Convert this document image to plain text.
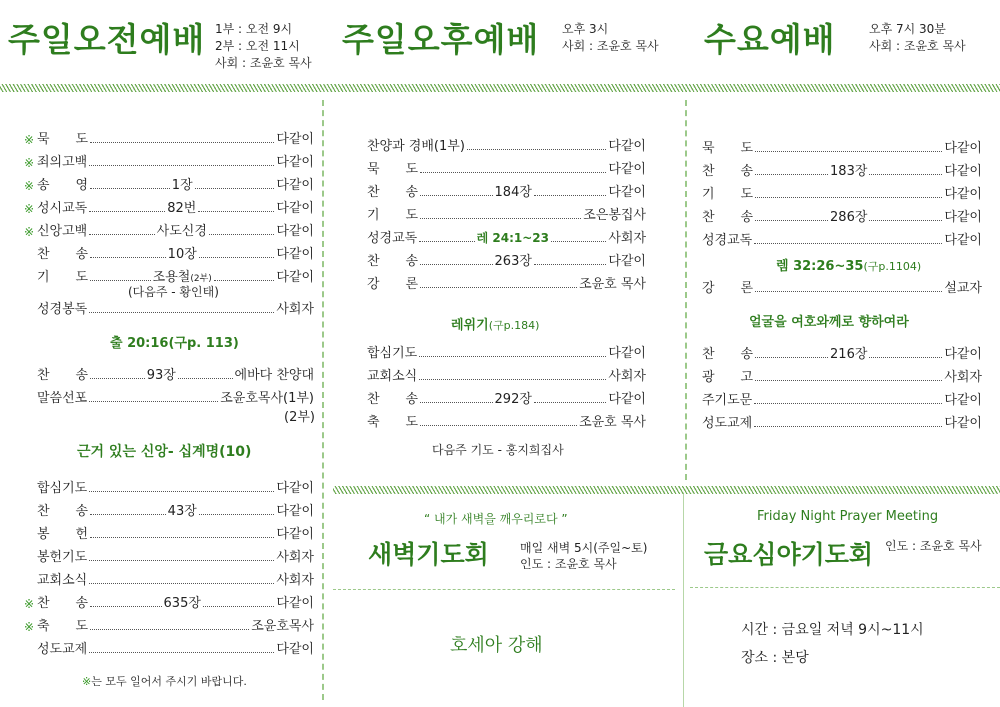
주일오전예배 1부 : 오전 9시
2부 : 오전 11시
사회 : 조윤호 목사
주일오후예배 오후 3시
사회 : 조윤호 목사 수요예배	오후 7시 30분
사회 : 조윤호 목사
※ 묵　　도	다같이
※ 죄의고백	다같이
※ 송　　영	1장	다같이
※ 성시교독	82번	다같이
※ 신앙고백	사도신경	다같이
찬　　송	10장	다같이
기　　도	조용철(2부)	다같이
(다음주 - 황인태)
성경봉독	사회자
출 20:16(구p. 113)
찬　　송	93장	에바다 찬양대
말씀선포	조윤호목사(1부)
(2부)
근거 있는 신앙- 십계명(10)
합심기도	다같이
찬　　송	43장	다같이
봉　　헌	다같이
봉헌기도	사회자
교회소식	사회자
※ 찬　　송	635장	다같이
※ 축　　도	조윤호목사
성도교제	다같이
※는 모두 일어서 주시기 바랍니다.
찬양과 경배(1부)	다같이
묵　　도	다같이
찬　　송	184장	다같이
기　　도	조은봉집사
성경교독	레 24:1~23	사회자
찬　　송	263장	다같이
강　　론	조윤호 목사
레위기(구p.184)
합심기도	다같이
교회소식	사회자
찬　　송	292장	다같이
축　　도	조윤호 목사
다음주 기도 - 홍지희집사
묵　　도	다같이
찬　　송	183장	다같이
기　　도	다같이
찬　　송	286장	다같이
성경교독	다같이
렘 32:26~35(구p.1104)
강　　론	설교자
얼굴을 여호와께로 향하여라
찬　　송	216장	다같이
광　　고	사회자
주기도문	다같이
성도교제	다같이
“ 내가 새벽을 깨우리로다 ”
새벽기도회	매일 새벽 5시(주일~토)
인도 : 조윤호 목사
호세아 강해
Friday Night Prayer Meeting
금요심야기도회 인도 : 조윤호 목사
시간 : 금요일 저녁 9시~11시
장소 : 본당
